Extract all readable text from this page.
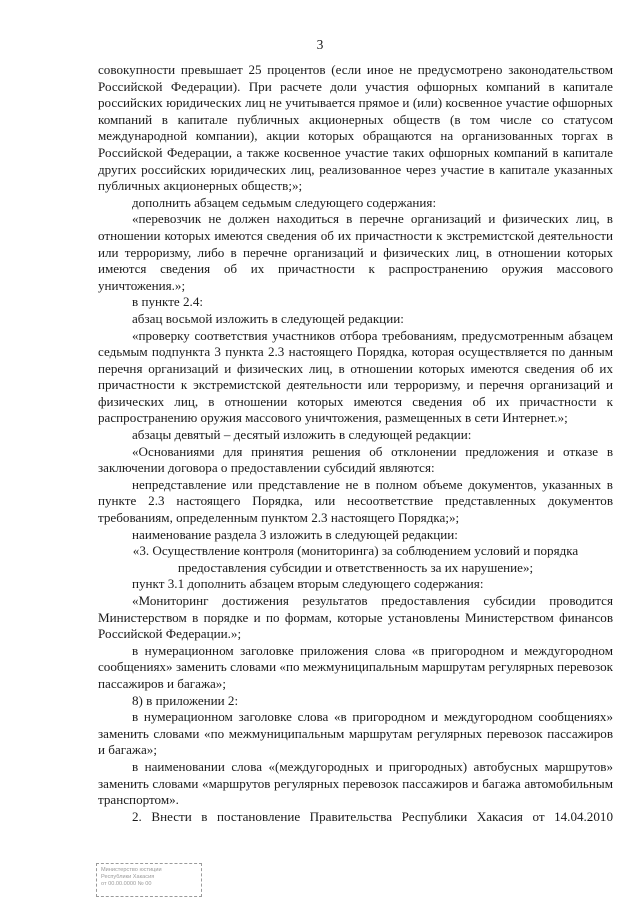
3

совокупности превышает 25 процентов (если иное не предусмотрено законодательством Российской Федерации). При расчете доли участия офшорных компаний в капитале российских юридических лиц не учитывается прямое и (или) косвенное участие офшорных компаний в капитале публичных акционерных обществ (в том числе со статусом международной компании), акции которых обращаются на организованных торгах в Российской Федерации, а также косвенное участие таких офшорных компаний в капитале других российских юридических лиц, реализованное через участие в капитале указанных публичных акционерных обществ;»;

дополнить абзацем седьмым следующего содержания:

«перевозчик не должен находиться в перечне организаций и физических лиц, в отношении которых имеются сведения об их причастности к экстремистской деятельности или терроризму, либо в перечне организаций и физических лиц, в отношении которых имеются сведения об их причастности к распространению оружия массового уничтожения.»;

в пункте 2.4:

абзац восьмой изложить в следующей редакции:

«проверку соответствия участников отбора требованиям, предусмотренным абзацем седьмым подпункта 3 пункта 2.3 настоящего Порядка, которая осуществляется по данным перечня организаций и физических лиц, в отношении которых имеются сведения об их причастности к экстремистской деятельности или терроризму, и перечня организаций и физических лиц, в отношении которых имеются сведения об их причастности к распространению оружия массового уничтожения, размещенных в сети Интернет.»;

абзацы девятый – десятый изложить в следующей редакции:

«Основаниями для принятия решения об отклонении предложения и отказе в заключении договора о предоставлении субсидий являются:

непредставление или представление не в полном объеме документов, указанных в пункте 2.3 настоящего Порядка, или несоответствие представленных документов требованиям, определенным пунктом 2.3 настоящего Порядка;»;

наименование раздела 3 изложить в следующей редакции:

«3. Осуществление контроля (мониторинга) за соблюдением условий и порядка предоставления субсидии и ответственность за их нарушение»;

пункт 3.1 дополнить абзацем вторым следующего содержания:

«Мониторинг достижения результатов предоставления субсидии проводится Министерством в порядке и по формам, которые установлены Министерством финансов Российской Федерации.»;

в нумерационном заголовке приложения слова «в пригородном и междугородном сообщениях» заменить словами «по межмуниципальным маршрутам регулярных перевозок пассажиров и багажа»;

8) в приложении 2:

в нумерационном заголовке слова «в пригородном и междугородном сообщениях» заменить словами «по межмуниципальным маршрутам регулярных перевозок пассажиров и багажа»;

в наименовании слова «(междугородных и пригородных) автобусных маршрутов» заменить словами «маршрутов регулярных перевозок пассажиров и багажа автомобильным транспортом».

2. Внести в постановление Правительства Республики Хакасия от 14.04.2010

Министерство юстиции
Республики Хакасия
от 00.00.0000 № 00
